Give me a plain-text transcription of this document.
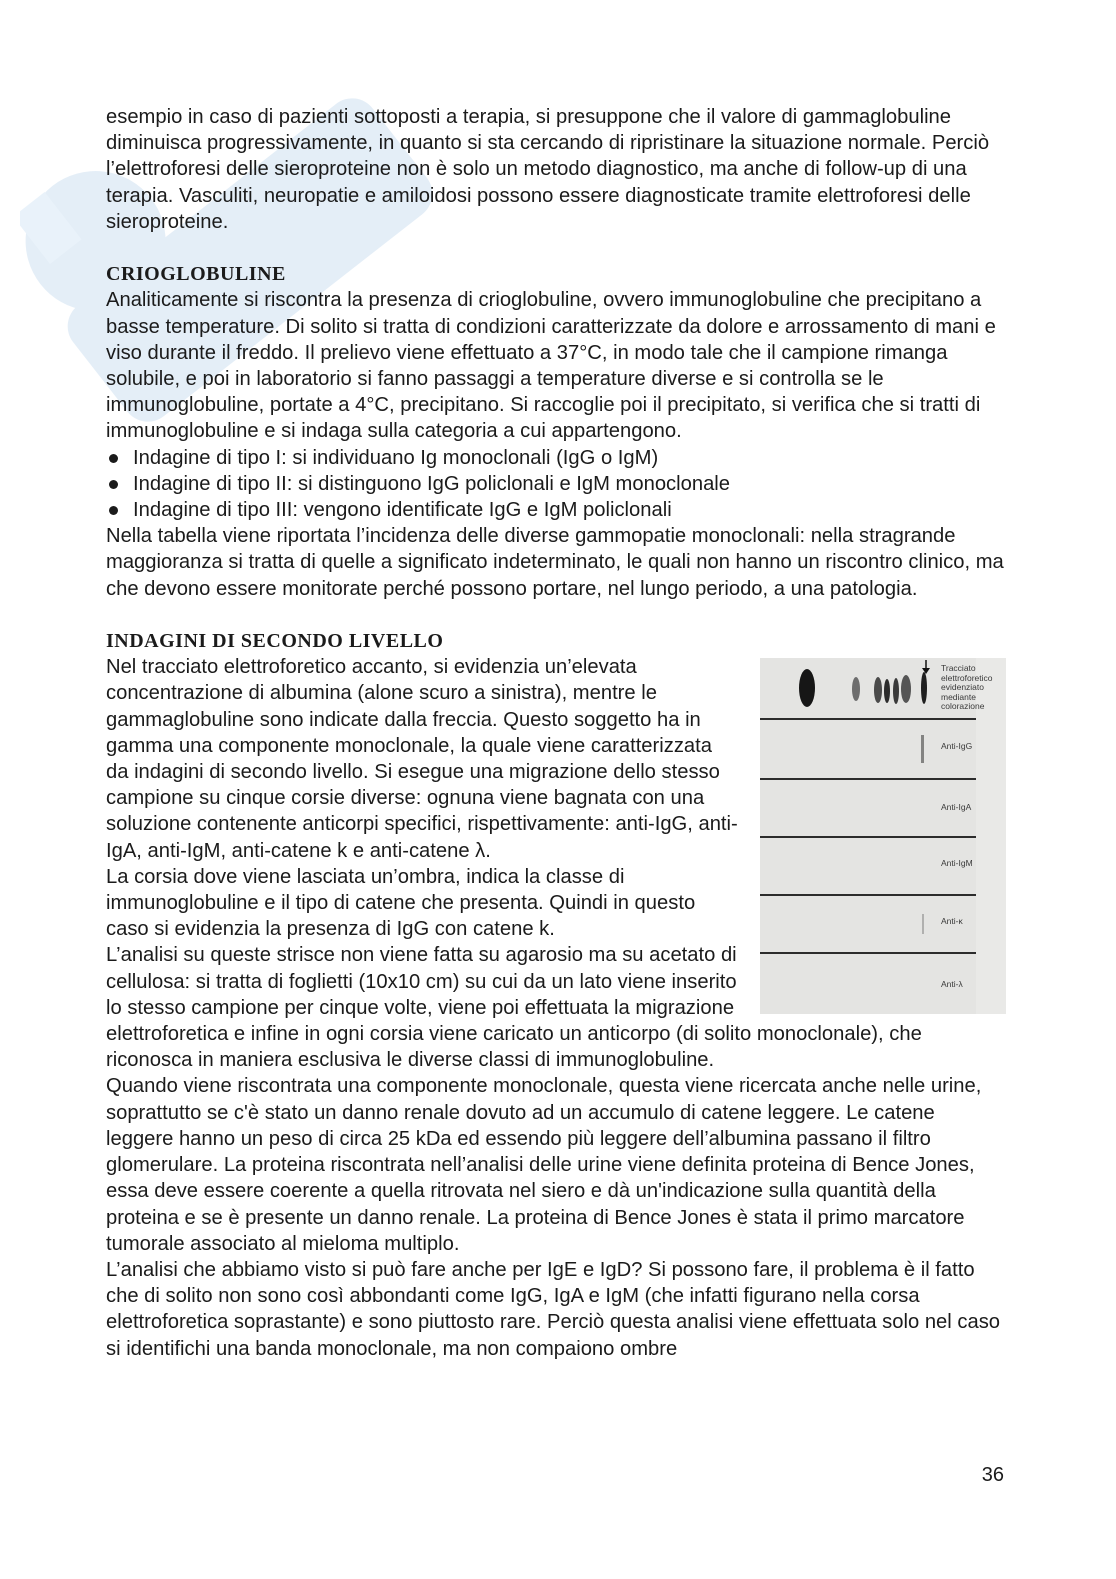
esempio in caso di pazienti sottoposti a terapia, si presuppone che il valore di gammaglobuline diminuisca progressivamente, in quanto si sta cercando di ripristinare la situazione normale. Perciò l’elettroforesi delle sieroproteine non è solo un metodo diagnostico, ma anche di follow-up di una terapia. Vasculiti, neuropatie e amiloidosi possono essere diagnosticate tramite elettroforesi delle sieroproteine.

CRIOGLOBULINE

Analiticamente si riscontra la presenza di crioglobuline, ovvero immunoglobuline che precipitano a basse temperature. Di solito si tratta di condizioni caratterizzate da dolore e arrossamento di mani e viso durante il freddo. Il prelievo viene effettuato a 37°C, in modo tale che il campione rimanga solubile, e poi in laboratorio si fanno passaggi a temperature diverse e si controlla se le immunoglobuline, portate a 4°C, precipitano. Si raccoglie poi il precipitato, si verifica che si tratti di immunoglobuline e si indaga sulla categoria a cui appartengono.

Indagine di tipo I: si individuano Ig monoclonali (IgG o IgM)
Indagine di tipo II: si distinguono IgG policlonali e IgM monoclonale
Indagine di tipo III: vengono identificate IgG e IgM policlonali

Nella tabella viene riportata l’incidenza delle diverse gammopatie monoclonali: nella stragrande maggioranza si tratta di quelle a significato indeterminato, le quali non hanno un riscontro clinico, ma che devono essere monitorate perché possono portare, nel lungo periodo, a una patologia.

INDAGINI DI SECONDO LIVELLO

Tracciato
elettroforetico
evidenziato
mediante
colorazione
Anti-IgG
Anti-IgA
Anti-IgM
Anti-κ
Anti-λ

Nel tracciato elettroforetico accanto, si evidenzia un’elevata concentrazione di albumina (alone scuro a sinistra), mentre le gammaglobuline sono indicate dalla freccia. Questo soggetto ha in gamma una componente monoclonale, la quale viene caratterizzata da indagini di secondo livello. Si esegue una migrazione dello stesso campione su cinque corsie diverse: ognuna viene bagnata con una soluzione contenente anticorpi specifici, rispettivamente: anti-IgG, anti-IgA, anti-IgM, anti-catene k e anti-catene λ.

La corsia dove viene lasciata un’ombra, indica la classe di immunoglobuline e il tipo di catene che presenta. Quindi in questo caso si evidenzia la presenza di IgG con catene k.

L’analisi su queste strisce non viene fatta su agarosio ma su acetato di cellulosa: si tratta di foglietti (10x10 cm) su cui da un lato viene inserito lo stesso campione per cinque volte, viene poi effettuata la migrazione elettroforetica e infine in ogni corsia viene caricato un anticorpo (di solito monoclonale), che riconosca in maniera esclusiva le diverse classi di immunoglobuline.

Quando viene riscontrata una componente monoclonale, questa viene ricercata anche nelle urine, soprattutto se c'è stato un danno renale dovuto ad un accumulo di catene leggere. Le catene leggere hanno un peso di circa 25 kDa ed essendo più leggere dell’albumina passano il filtro glomerulare. La proteina riscontrata nell’analisi delle urine viene definita proteina di Bence Jones, essa deve essere coerente a quella ritrovata nel siero e dà un'indicazione sulla quantità della proteina e se è presente un danno renale. La proteina di Bence Jones è stata il primo marcatore tumorale associato al mieloma multiplo.

L’analisi che abbiamo visto si può fare anche per IgE e IgD? Si possono fare, il problema è il fatto che di solito non sono così abbondanti come IgG, IgA e IgM (che infatti figurano nella corsa elettroforetica soprastante) e sono piuttosto rare. Perciò questa analisi viene effettuata solo nel caso si identifichi una banda monoclonale, ma non compaiono ombre

36
